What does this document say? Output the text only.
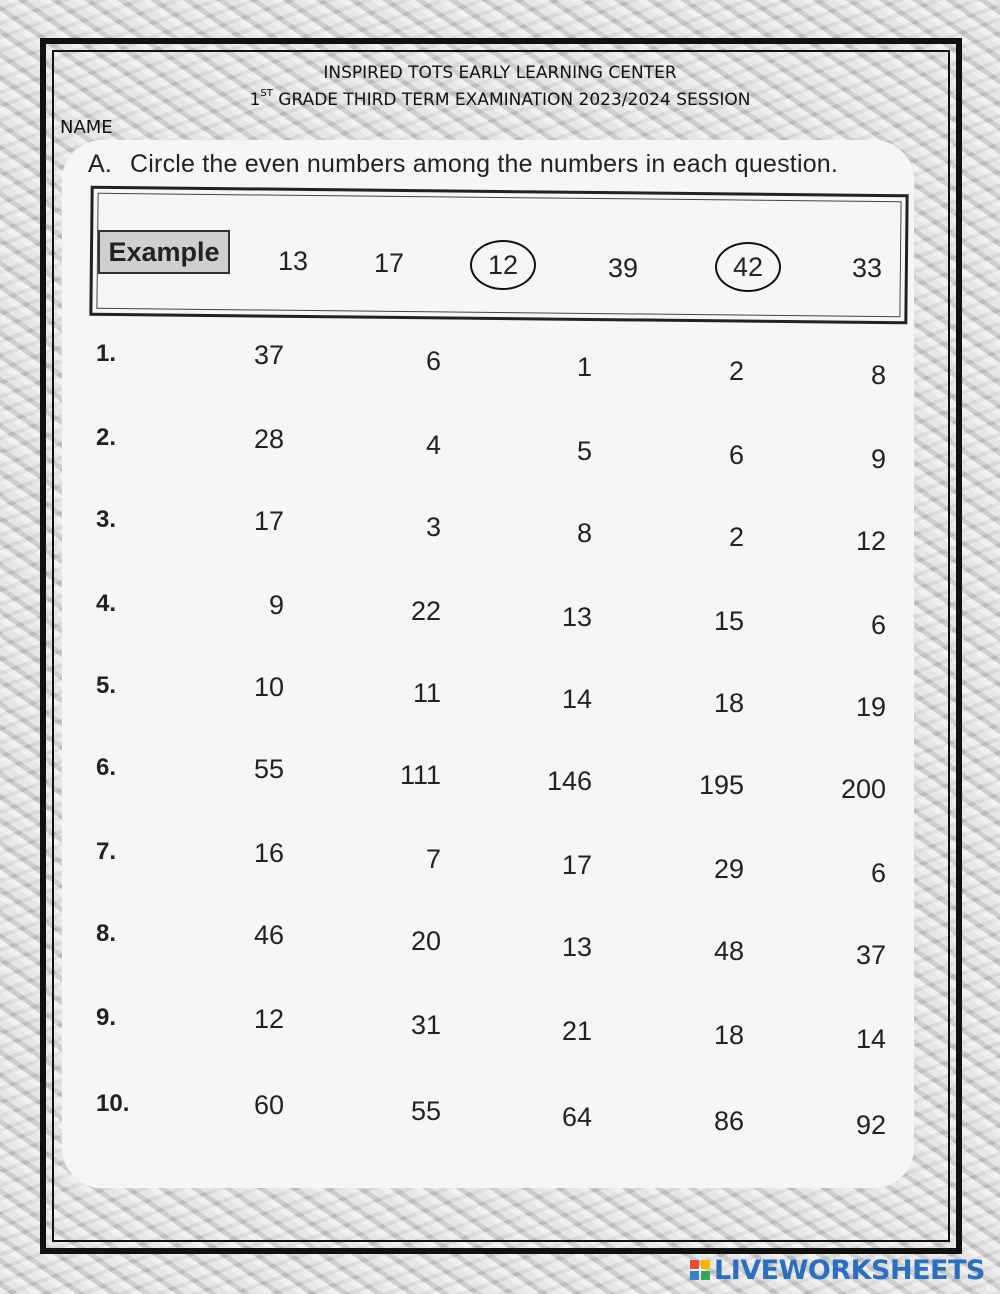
INSPIRED TOTS EARLY LEARNING CENTER
1ST GRADE THIRD TERM EXAMINATION 2023/2024 SESSION
NAME
A. Circle the even numbers among the numbers in each question.
Example	13	17	12	39	42	33
1.	37	6	1	2	8
2.	28	4	5	6	9
3.	17	3	8	2	12
4.	9	22	13	15	6
5.	10	11	14	18	19
6.	55	111	146	195	200
7.	16	7	17	29	6
8.	46	20	13	48	37
9.	12	31	21	18	14
10.	60	55	64	86	92
LIVEWORKSHEETS
